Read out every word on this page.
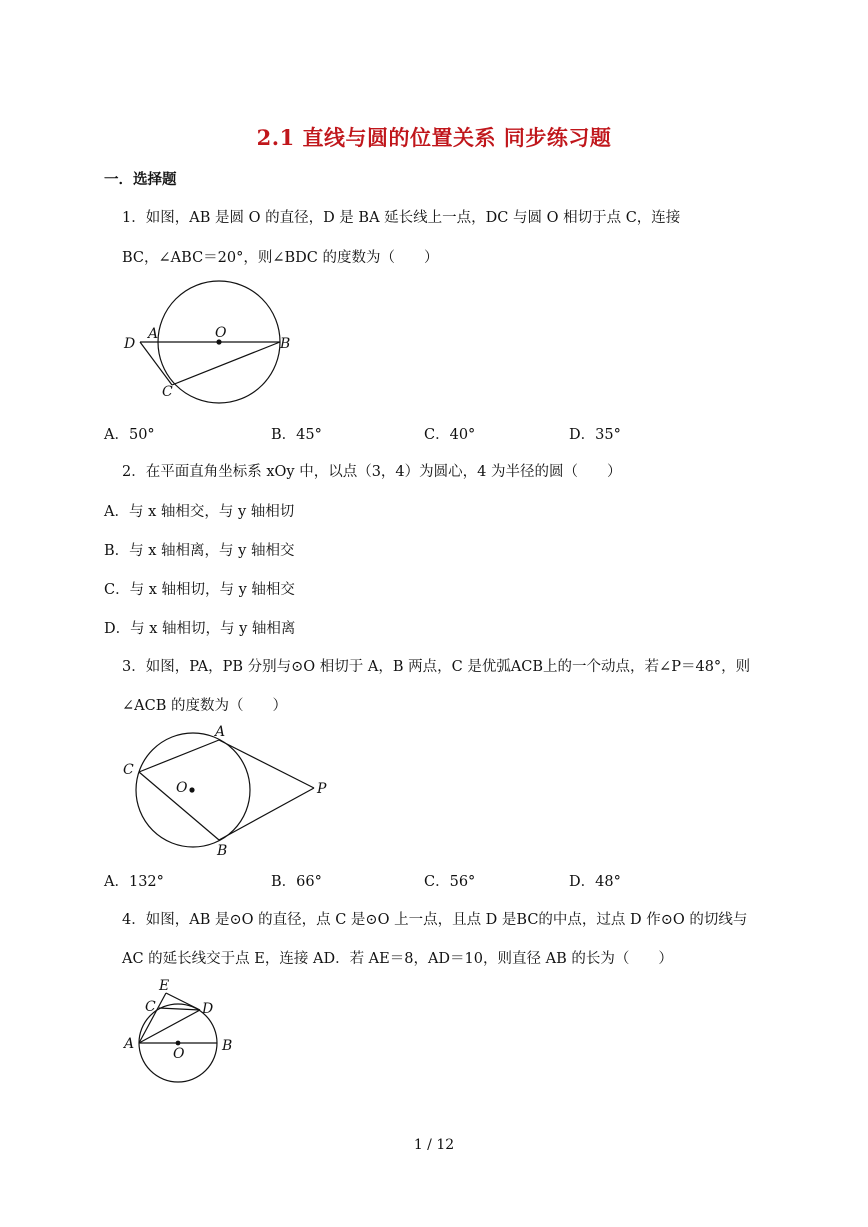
2.1 直线与圆的位置关系 同步练习题
一．选择题
1．如图，AB 是圆 O 的直径，D 是 BA 延长线上一点，DC 与圆 O 相切于点 C，连接
BC，∠ABC＝20°，则∠BDC 的度数为（　　）
D
A	O
B
C
A．50°	B．45°	C．40°	D．35°
2．在平面直角坐标系 xOy 中，以点（3，4）为圆心，4 为半径的圆（　　）
A．与 x 轴相交，与 y 轴相切
B．与 x 轴相离，与 y 轴相交
C．与 x 轴相切，与 y 轴相交
D．与 x 轴相切，与 y 轴相离
3．如图，PA，PB 分别与⊙O 相切于 A，B 两点，C 是优弧ACB上的一个动点，若∠P＝48°，则
∠ACB 的度数为（　　）
A
C
O	P
B
A．132°	B．66°	C．56°	D．48°
4．如图，AB 是⊙O 的直径，点 C 是⊙O 上一点，且点 D 是BC的中点，过点 D 作⊙O 的切线与
AC 的延长线交于点 E，连接 AD．若 AE＝8，AD＝10，则直径 AB 的长为（　　）
E
C	D
A
O	B
1 / 12
